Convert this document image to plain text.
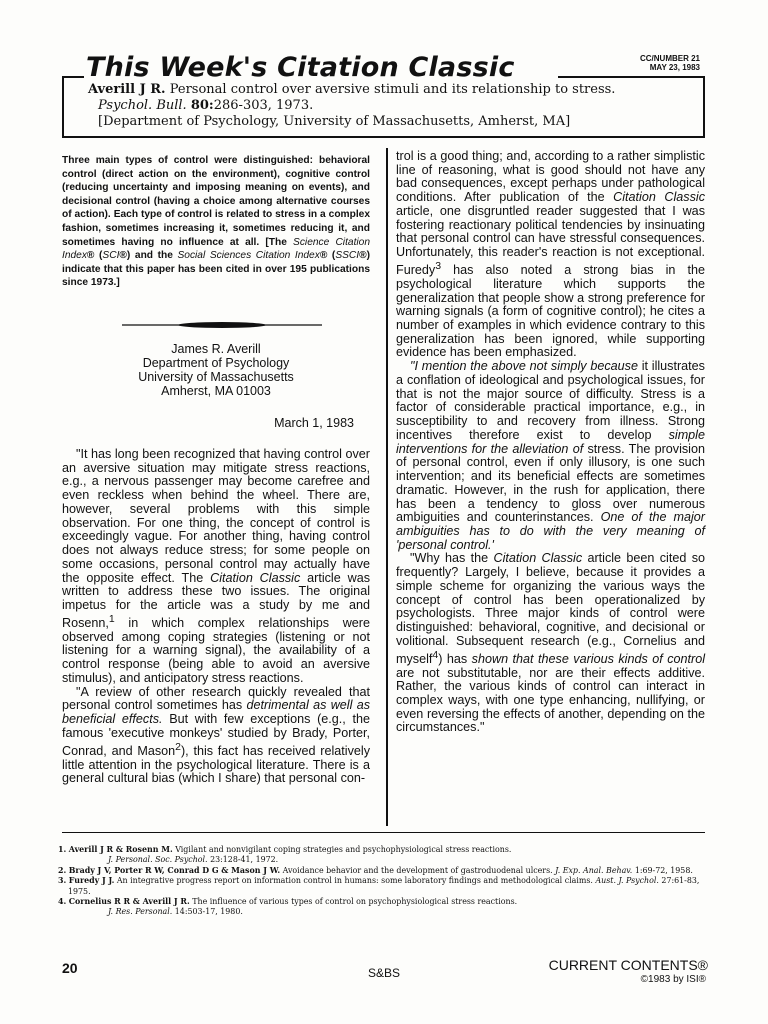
This Week's Citation Classic	CC/NUMBER 21
MAY 23, 1983
Averill J R. Personal control over aversive stimuli and its relationship to stress.
Psychol. Bull. 80:286-303, 1973.
[Department of Psychology, University of Massachusetts, Amherst, MA]
Three main types of control were distinguished: behavioral control (direct action on the environment), cognitive control (reducing uncertainty and imposing meaning on events), and decisional control (having a choice among alternative courses of action). Each type of control is related to stress in a complex fashion, sometimes increasing it, sometimes reducing it, and sometimes having no influence at all. [The Science Citation Index® (SCI®) and the Social Sciences Citation Index® (SSCI®) indicate that this paper has been cited in over 195 publications since 1973.]
James R. Averill
Department of Psychology
University of Massachusetts
Amherst, MA 01003
March 1, 1983

"It has long been recognized that having control over an aversive situation may mitigate stress reactions, e.g., a nervous passenger may become carefree and even reckless when behind the wheel. There are, however, several problems with this simple observation. For one thing, the concept of control is exceedingly vague. For another thing, having control does not always reduce stress; for some people on some occasions, personal control may actually have the opposite effect. The Citation Classic article was written to address these two issues. The original impetus for the article was a study by me and Rosenn,$^1$ in which complex relationships were observed among coping strategies (listening or not listening for a warning signal), the availability of a control response (being able to avoid an aversive stimulus), and anticipatory stress reactions.

"A review of other research quickly revealed that personal control sometimes has detrimental as well as beneficial effects. But with few exceptions (e.g., the famous 'executive monkeys' studied by Brady, Porter, Conrad, and Mason$^2$), this fact has received relatively little attention in the psychological literature. There is a general cultural bias (which I share) that personal con-

trol is a good thing; and, according to a rather simplistic line of reasoning, what is good should not have any bad consequences, except perhaps under pathological conditions. After publication of the Citation Classic article, one disgruntled reader suggested that I was fostering reactionary political tendencies by insinuating that personal control can have stressful consequences. Unfortunately, this reader's reaction is not exceptional. Furedy$^3$ has also noted a strong bias in the psychological literature which supports the generalization that people show a strong preference for warning signals (a form of cognitive control); he cites a number of examples in which evidence contrary to this generalization has been ignored, while supporting evidence has been emphasized.

"I mention the above not simply because it illustrates a conflation of ideological and psychological issues, for that is not the major source of difficulty. Stress is a factor of considerable practical importance, e.g., in susceptibility to and recovery from illness. Strong incentives therefore exist to develop simple interventions for the alleviation of stress. The provision of personal control, even if only illusory, is one such intervention; and its beneficial effects are sometimes dramatic. However, in the rush for application, there has been a tendency to gloss over numerous ambiguities and counterinstances. One of the major ambiguities has to do with the very meaning of 'personal control.'

"Why has the Citation Classic article been cited so frequently? Largely, I believe, because it provides a simple scheme for organizing the various ways the concept of control has been operationalized by psychologists. Three major kinds of control were distinguished: behavioral, cognitive, and decisional or volitional. Subsequent research (e.g., Cornelius and myself$^4$) has shown that these various kinds of control are not substitutable, nor are their effects additive. Rather, the various kinds of control can interact in complex ways, with one type enhancing, nullifying, or even reversing the effects of another, depending on the circumstances."

1. Averill J R & Rosenn M. Vigilant and nonvigilant coping strategies and psychophysiological stress reactions.
J. Personal. Soc. Psychol. 23:128-41, 1972.

2. Brady J V, Porter R W, Conrad D G & Mason J W. Avoidance behavior and the development of gastroduodenal ulcers. J. Exp. Anal. Behav. 1:69-72, 1958.

3. Furedy J J. An integrative progress report on information control in humans: some laboratory findings and methodological claims. Aust. J. Psychol. 27:61-83, 1975.

4. Cornelius R R & Averill J R. The influence of various types of control on psychophysiological stress reactions.
J. Res. Personal. 14:503-17, 1980.

20	S&BS	CURRENT CONTENTS®
©1983 by ISI®
